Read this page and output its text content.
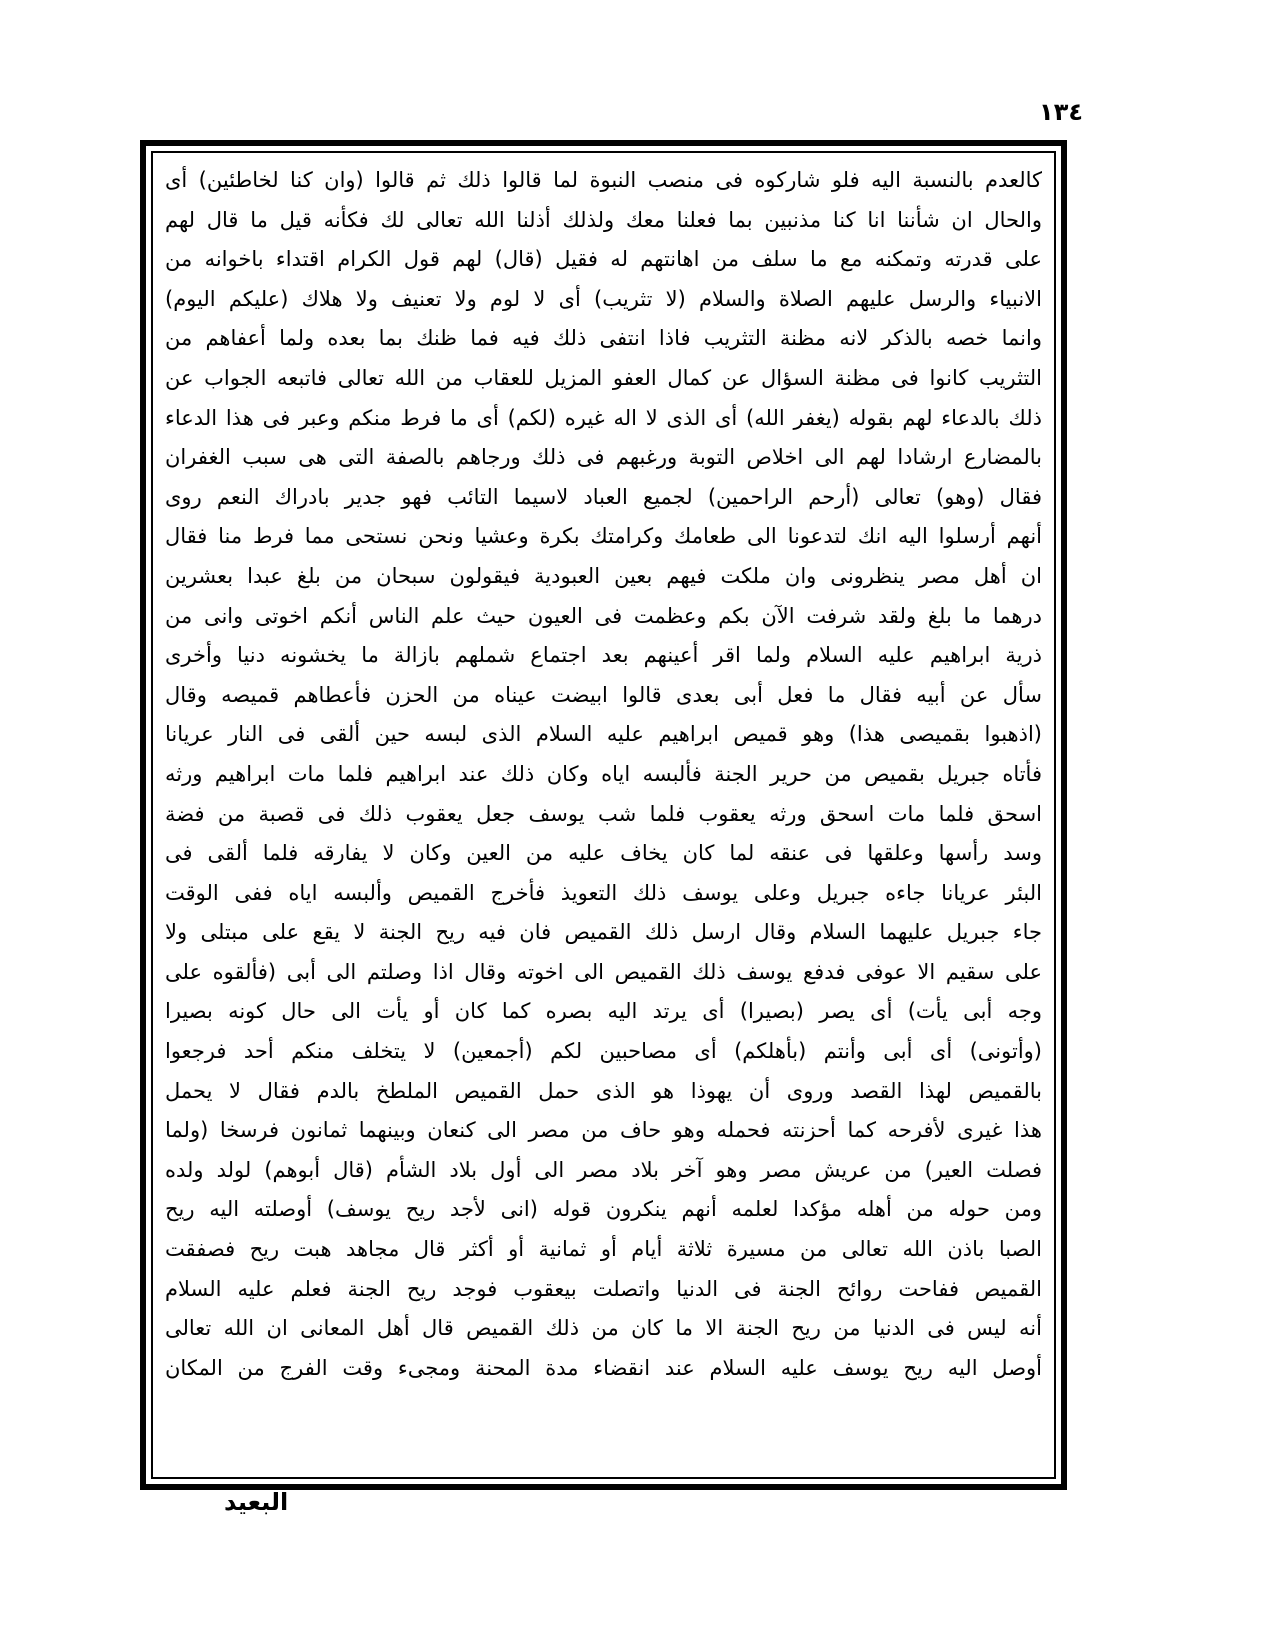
١٣٤
كالعدم بالنسبة اليه فلو شاركوه فى منصب النبوة لما قالوا ذلك ثم قالوا (وان كنا لخاطئين) أى
والحال ان شأننا انا كنا مذنبين بما فعلنا معك ولذلك أذلنا الله تعالى لك فكأنه قيل ما قال لهم
على قدرته وتمكنه مع ما سلف من اهانتهم له فقيل (قال) لهم قول الكرام اقتداء باخوانه من
الانبياء والرسل عليهم الصلاة والسلام (لا تثريب) أى لا لوم ولا تعنيف ولا هلاك (عليكم اليوم)
وانما خصه بالذكر لانه مظنة التثريب فاذا انتفى ذلك فيه فما ظنك بما بعده ولما أعفاهم من
التثريب كانوا فى مظنة السؤال عن كمال العفو المزيل للعقاب من الله تعالى فاتبعه الجواب عن
ذلك بالدعاء لهم بقوله (يغفر الله) أى الذى لا اله غيره (لكم) أى ما فرط منكم وعبر فى هذا الدعاء
بالمضارع ارشادا لهم الى اخلاص التوبة ورغبهم فى ذلك ورجاهم بالصفة التى هى سبب الغفران
فقال (وهو) تعالى (أرحم الراحمين) لجميع العباد لاسيما التائب فهو جدير بادراك النعم روى
أنهم أرسلوا اليه انك لتدعونا الى طعامك وكرامتك بكرة وعشيا ونحن نستحى مما فرط منا فقال
ان أهل مصر ينظرونى وان ملكت فيهم بعين العبودية فيقولون سبحان من بلغ عبدا بعشرين
درهما ما بلغ ولقد شرفت الآن بكم وعظمت فى العيون حيث علم الناس أنكم اخوتى وانى من
ذرية ابراهيم عليه السلام ولما اقر أعينهم بعد اجتماع شملهم بازالة ما يخشونه دنيا وأخرى
سأل عن أبيه فقال ما فعل أبى بعدى قالوا ابيضت عيناه من الحزن فأعطاهم قميصه وقال
(اذهبوا بقميصى هذا) وهو قميص ابراهيم عليه السلام الذى لبسه حين ألقى فى النار عريانا
فأتاه جبريل بقميص من حرير الجنة فألبسه اياه وكان ذلك عند ابراهيم فلما مات ابراهيم ورثه
اسحق فلما مات اسحق ورثه يعقوب فلما شب يوسف جعل يعقوب ذلك فى قصبة من فضة
وسد رأسها وعلقها فى عنقه لما كان يخاف عليه من العين وكان لا يفارقه فلما ألقى فى
البئر عريانا جاءه جبريل وعلى يوسف ذلك التعويذ فأخرج القميص وألبسه اياه ففى الوقت
جاء جبريل عليهما السلام وقال ارسل ذلك القميص فان فيه ريح الجنة لا يقع على مبتلى ولا
على سقيم الا عوفى فدفع يوسف ذلك القميص الى اخوته وقال اذا وصلتم الى أبى (فألقوه على
وجه أبى يأت) أى يصر (بصيرا) أى يرتد اليه بصره كما كان أو يأت الى حال كونه بصيرا
(وأتونى) أى أبى وأنتم (بأهلكم) أى مصاحبين لكم (أجمعين) لا يتخلف منكم أحد فرجعوا
بالقميص لهذا القصد وروى أن يهوذا هو الذى حمل القميص الملطخ بالدم فقال لا يحمل
هذا غيرى لأفرحه كما أحزنته فحمله وهو حاف من مصر الى كنعان وبينهما ثمانون فرسخا (ولما
فصلت العير) من عريش مصر وهو آخر بلاد مصر الى أول بلاد الشأم (قال أبوهم) لولد ولده
ومن حوله من أهله مؤكدا لعلمه أنهم ينكرون قوله (انى لأجد ريح يوسف) أوصلته اليه ريح
الصبا باذن الله تعالى من مسيرة ثلاثة أيام أو ثمانية أو أكثر قال مجاهد هبت ريح فصفقت
القميص ففاحت روائح الجنة فى الدنيا واتصلت بيعقوب فوجد ريح الجنة فعلم عليه السلام
أنه ليس فى الدنيا من ريح الجنة الا ما كان من ذلك القميص قال أهل المعانى ان الله تعالى
أوصل اليه ريح يوسف عليه السلام عند انقضاء مدة المحنة ومجىء وقت الفرج من المكان
البعيد
